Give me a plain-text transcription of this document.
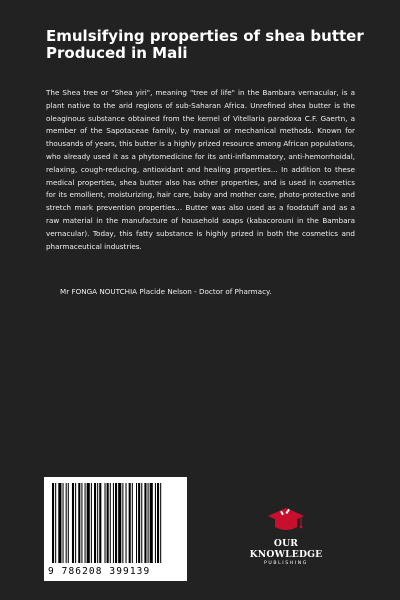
Emulsifying properties of shea butter
Produced in Mali

The Shea tree or "Shea yiri", meaning "tree of life" in the Bambara vernacular, is a plant native to the arid regions of sub-Saharan Africa. Unrefined shea butter is the oleaginous substance obtained from the kernel of Vitellaria paradoxa C.F. Gaertn, a member of the Sapotaceae family, by manual or mechanical methods. Known for thousands of years, this butter is a highly prized resource among African populations, who already used it as a phytomedicine for its anti-inflammatory, anti-hemorrhoidal, relaxing, cough-reducing, antioxidant and healing properties... In addition to these medical properties, shea butter also has other properties, and is used in cosmetics for its emollient, moisturizing, hair care, baby and mother care, photo-protective and stretch mark prevention properties... Butter was also used as a foodstuff and as a raw material in the manufacture of household soaps (kabacorouni in the Bambara vernacular). Today, this fatty substance is highly prized in both the cosmetics and pharmaceutical industries.

Mr FONGA NOUTCHIA Placide Nelson - Doctor of Pharmacy.

9 786208 399139
OUR KNOWLEDGE
PUBLISHING
